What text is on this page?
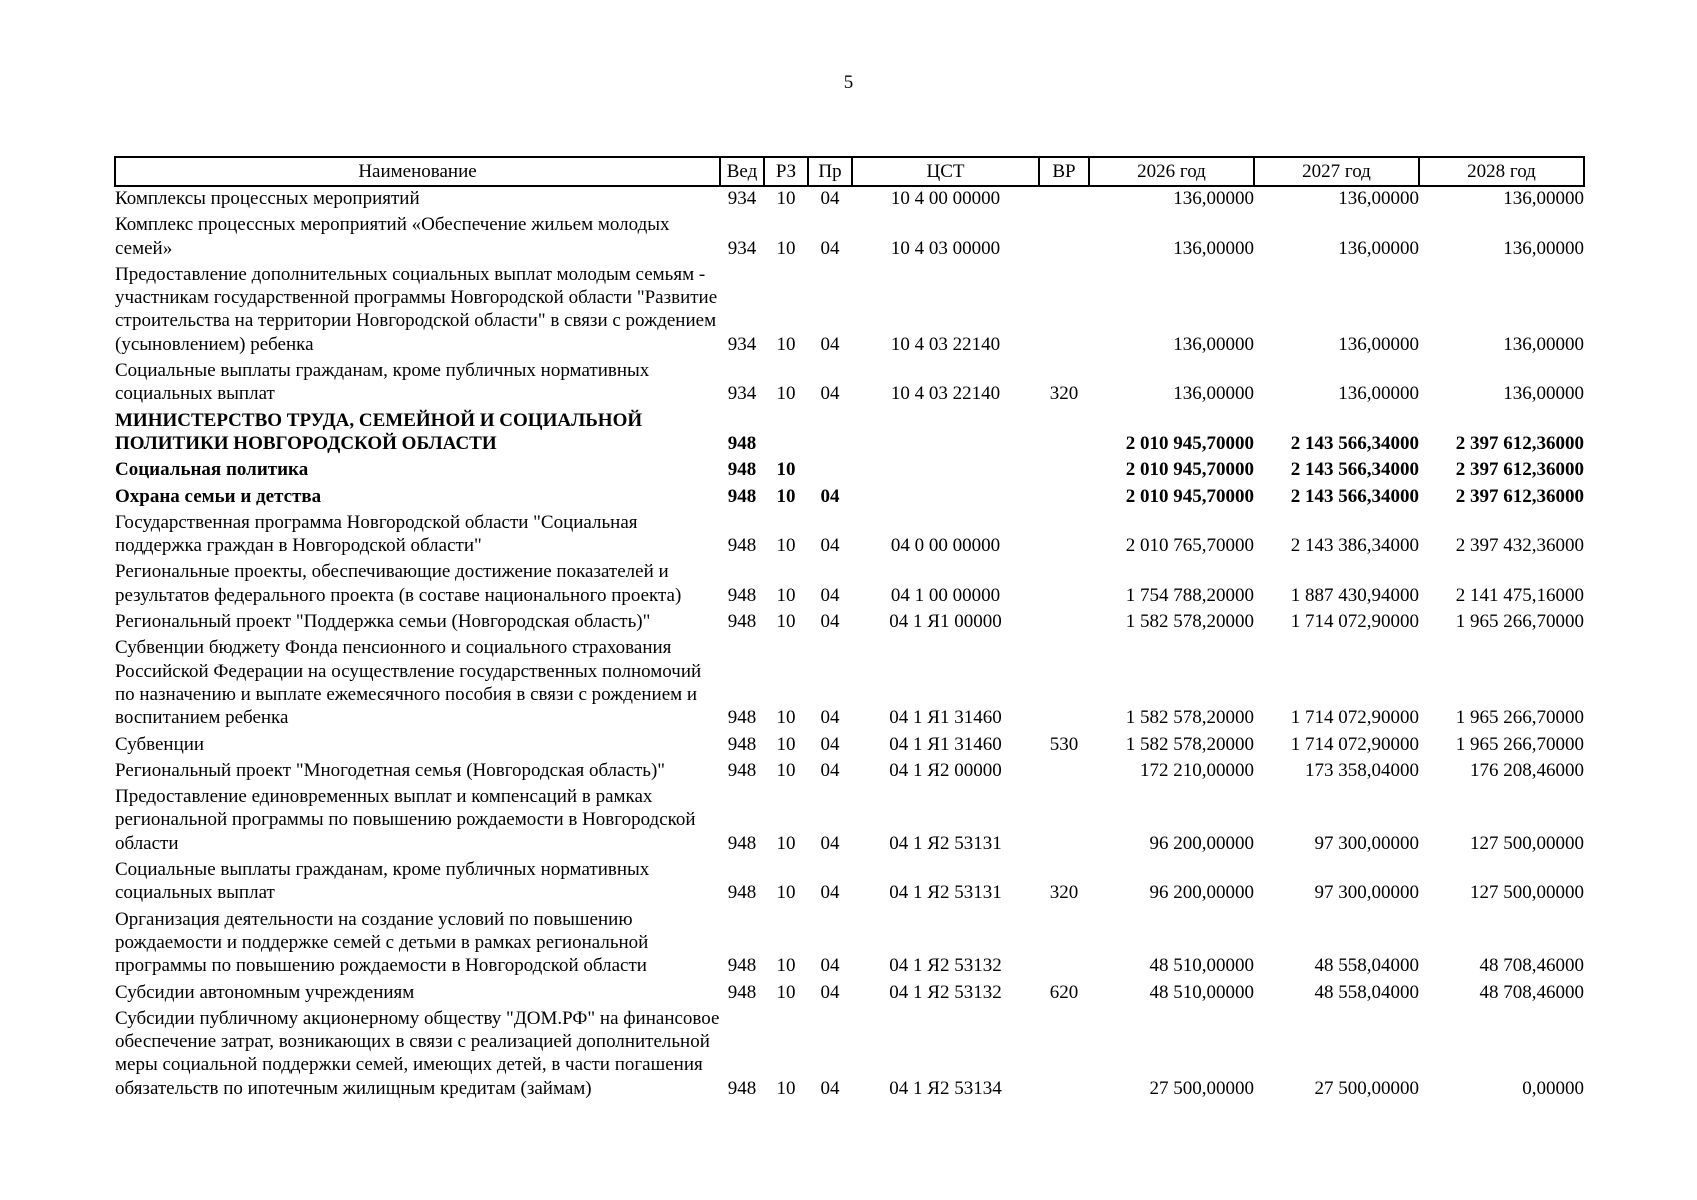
5
Наименование	Вед	РЗ	Пр	ЦСТ	ВР	2026 год	2027 год	2028 год
Комплексы процессных мероприятий	934	10	04	10 4 00 00000		136,00000	136,00000	136,00000
Комплекс процессных мероприятий «Обеспечение жильем молодых семей»	934	10	04	10 4 03 00000		136,00000	136,00000	136,00000
Предоставление дополнительных социальных выплат молодым семьям - участникам государственной программы Новгородской области "Развитие строительства на территории Новгородской области" в связи с рождением (усыновлением) ребенка	934	10	04	10 4 03 22140		136,00000	136,00000	136,00000
Социальные выплаты гражданам, кроме публичных нормативных социальных выплат	934	10	04	10 4 03 22140	320	136,00000	136,00000	136,00000
МИНИСТЕРСТВО ТРУДА, СЕМЕЙНОЙ И СОЦИАЛЬНОЙ ПОЛИТИКИ НОВГОРОДСКОЙ ОБЛАСТИ	948					2 010 945,70000	2 143 566,34000	2 397 612,36000
Социальная политика	948	10				2 010 945,70000	2 143 566,34000	2 397 612,36000
Охрана семьи и детства	948	10	04			2 010 945,70000	2 143 566,34000	2 397 612,36000
Государственная программа Новгородской области "Социальная поддержка граждан в Новгородской области"	948	10	04	04 0 00 00000		2 010 765,70000	2 143 386,34000	2 397 432,36000
Региональные проекты, обеспечивающие достижение показателей и результатов федерального проекта (в составе национального проекта)	948	10	04	04 1 00 00000		1 754 788,20000	1 887 430,94000	2 141 475,16000
Региональный проект "Поддержка семьи (Новгородская область)"	948	10	04	04 1 Я1 00000		1 582 578,20000	1 714 072,90000	1 965 266,70000
Субвенции бюджету Фонда пенсионного и социального страхования Российской Федерации на осуществление государственных полномочий по назначению и выплате ежемесячного пособия в связи с рождением и воспитанием ребенка	948	10	04	04 1 Я1 31460		1 582 578,20000	1 714 072,90000	1 965 266,70000
Субвенции	948	10	04	04 1 Я1 31460	530	1 582 578,20000	1 714 072,90000	1 965 266,70000
Региональный проект "Многодетная семья (Новгородская область)"	948	10	04	04 1 Я2 00000		172 210,00000	173 358,04000	176 208,46000
Предоставление единовременных выплат и компенсаций в рамках региональной программы по повышению рождаемости в Новгородской области	948	10	04	04 1 Я2 53131		96 200,00000	97 300,00000	127 500,00000
Социальные выплаты гражданам, кроме публичных нормативных социальных выплат	948	10	04	04 1 Я2 53131	320	96 200,00000	97 300,00000	127 500,00000
Организация деятельности на создание условий по повышению рождаемости и поддержке семей с детьми в рамках региональной программы по повышению рождаемости в Новгородской области	948	10	04	04 1 Я2 53132		48 510,00000	48 558,04000	48 708,46000
Субсидии автономным учреждениям	948	10	04	04 1 Я2 53132	620	48 510,00000	48 558,04000	48 708,46000
Субсидии публичному акционерному обществу "ДОМ.РФ" на финансовое обеспечение затрат, возникающих в связи с реализацией дополнительной меры социальной поддержки семей, имеющих детей, в части погашения обязательств по ипотечным жилищным кредитам (займам)	948	10	04	04 1 Я2 53134		27 500,00000	27 500,00000	0,00000
